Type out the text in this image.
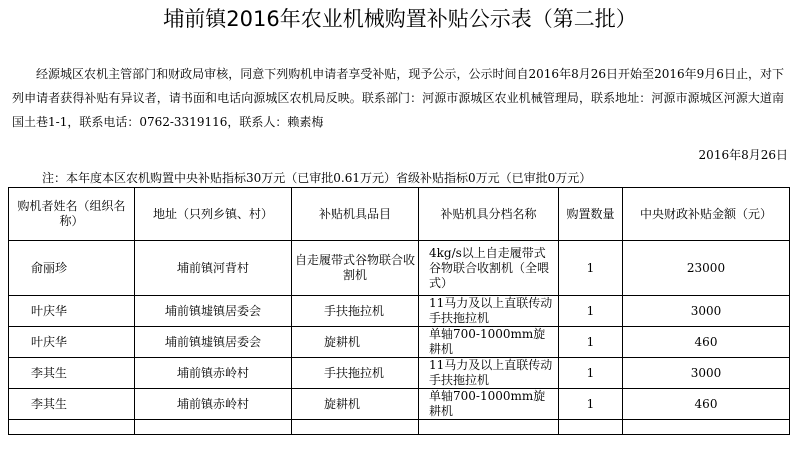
埔前镇2016年农业机械购置补贴公示表（第二批）
经源城区农机主管部门和财政局审核，同意下列购机申请者享受补贴，现予公示，公示时间自2016年8月26日开始至2016年9月6日止，对下列申请者获得补贴有异议者，请书面和电话向源城区农机局反映。联系部门：河源市源城区农业机械管理局，联系地址：河源市源城区河源大道南国土巷1-1，联系电话：0762-3319116，联系人：赖素梅
2016年8月26日
注：本年度本区农机购置中央补贴指标30万元（已审批0.61万元）省级补贴指标0万元（已审批0万元）
购机者姓名（组织名称）	地址（只列乡镇、村）	补贴机具品目	补贴机具分档名称	购置数量	中央财政补贴金额（元）
俞丽珍	埔前镇河背村	自走履带式谷物联合收割机	4kg/s以上自走履带式谷物联合收割机（全喂式）	1	23000
叶庆华	埔前镇墟镇居委会	手扶拖拉机	11马力及以上直联传动手扶拖拉机	1	3000
叶庆华	埔前镇墟镇居委会	旋耕机	单轴700-1000mm旋耕机	1	460
李其生	埔前镇赤岭村	手扶拖拉机	11马力及以上直联传动手扶拖拉机	1	3000
李其生	埔前镇赤岭村	旋耕机	单轴700-1000mm旋耕机	1	460
